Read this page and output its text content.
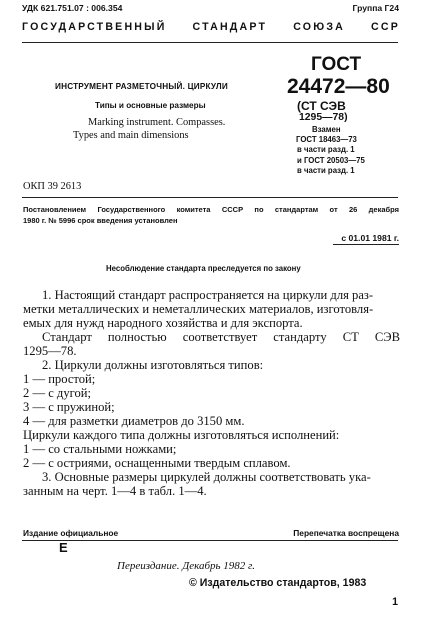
УДК 621.751.07 : 006.354	Группа Г24
ГОСУДАРСТВЕННЫЙ СТАНДАРТ СОЮЗА ССР
ИНСТРУМЕНТ РАЗМЕТОЧНЫЙ. ЦИРКУЛИ
Типы и основные размеры
Marking instrument. Compasses.
Types and main dimensions
ГОСТ
24472—80
(СТ СЭВ
1295—78)
Взамен
ГОСТ 18463—73
в части разд. 1
и ГОСТ 20503—75
в части разд. 1
ОКП 39 2613
Постановлением Государственного комитета СССР по стандартам от 26 декабря
1980 г. № 5996 срок введения установлен
с 01.01 1981 г.
Несоблюдение стандарта преследуется по закону
1. Настоящий стандарт распространяется на циркули для раз-
метки металлических и неметаллических материалов, изготовля-
емых для нужд народного хозяйства и для экспорта.
Стандарт полностью соответствует стандарту СТ СЭВ
1295—78.
2. Циркули должны изготовляться типов:
1 — простой;
2 — с дугой;
3 — с пружиной;
4 — для разметки диаметров до 3150 мм.
Циркули каждого типа должны изготовляться исполнений:
1 — со стальными ножками;
2 — с остриями, оснащенными твердым сплавом.
3. Основные размеры циркулей должны соответствовать ука-
занным на черт. 1—4 в табл. 1—4.
Издание официальное
Е
Перепечатка воспрещена
Переиздание. Декабрь 1982 г.
© Издательство стандартов, 1983
1
